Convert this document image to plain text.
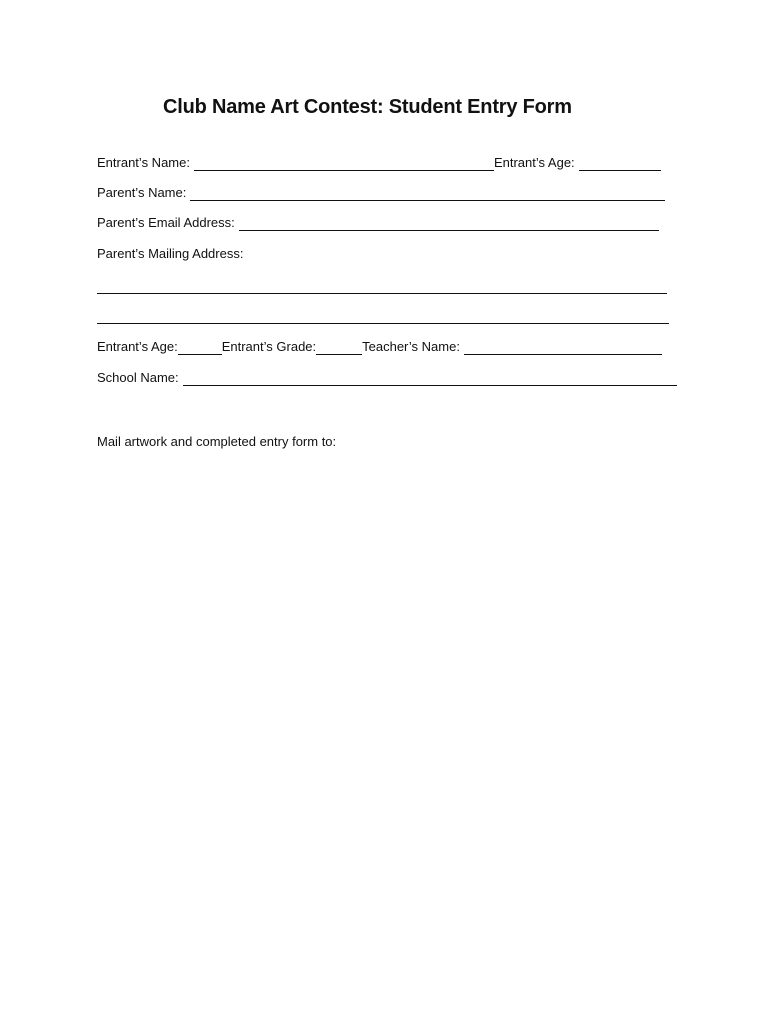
Club Name Art Contest: Student Entry Form
Entrant’s Name:	Entrant’s Age:
Parent’s Name:
Parent’s Email Address:
Parent’s Mailing Address:
Entrant’s Age:	Entrant’s Grade:	Teacher’s Name:
School Name:
Mail artwork and completed entry form to:
